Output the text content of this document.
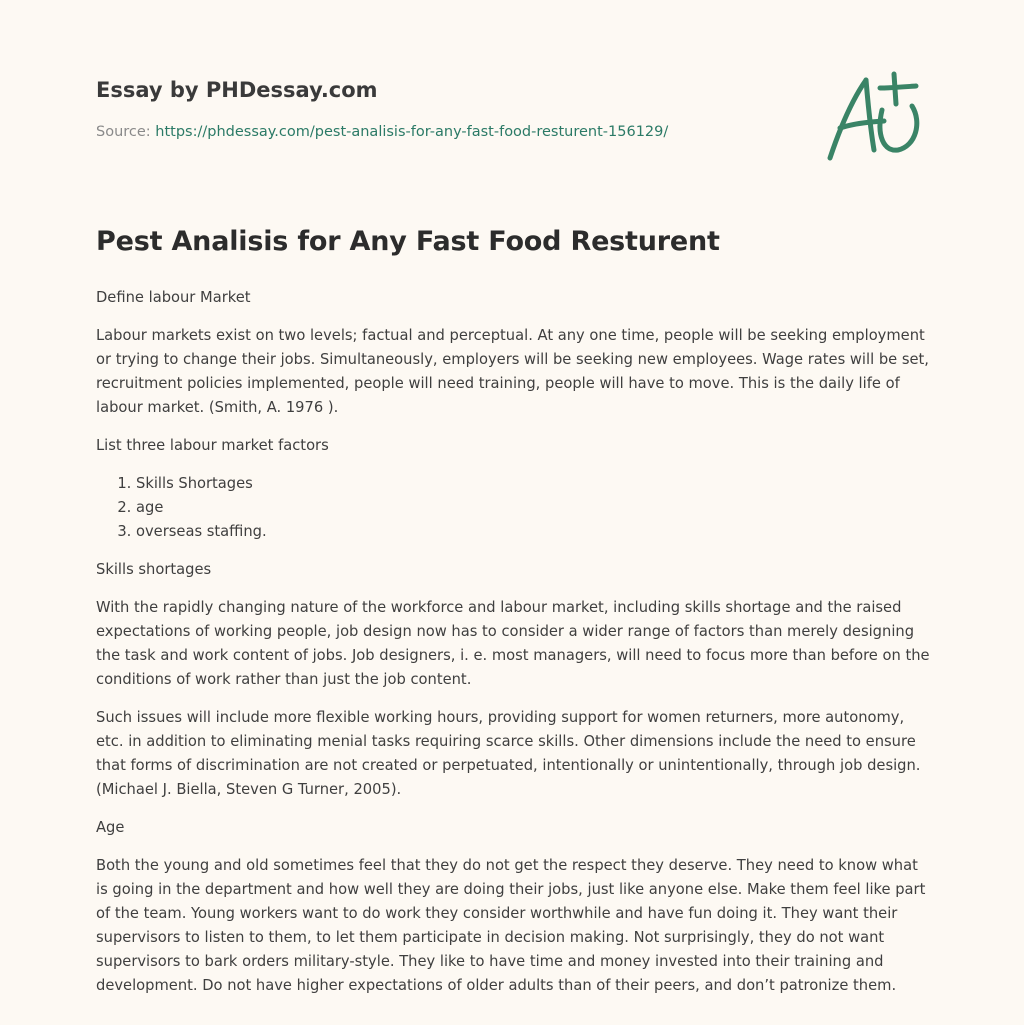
Essay by PHDessay.com
Source: https://phdessay.com/pest-analisis-for-any-fast-food-resturent-156129/
Pest Analisis for Any Fast Food Resturent

Define labour Market

Labour markets exist on two levels; factual and perceptual. At any one time, people will be seeking employment or trying to change their jobs. Simultaneously, employers will be seeking new employees. Wage rates will be set, recruitment policies implemented, people will need training, people will have to move. This is the daily life of labour market. (Smith, A. 1976 ).

List three labour market factors

1. Skills Shortages
2. age
3. overseas staffing.

Skills shortages

With the rapidly changing nature of the workforce and labour market, including skills shortage and the raised expectations of working people, job design now has to consider a wider range of factors than merely designing the task and work content of jobs. Job designers, i. e. most managers, will need to focus more than before on the conditions of work rather than just the job content.

Such issues will include more flexible working hours, providing support for women returners, more autonomy, etc. in addition to eliminating menial tasks requiring scarce skills. Other dimensions include the need to ensure that forms of discrimination are not created or perpetuated, intentionally or unintentionally, through job design. (Michael J. Biella, Steven G Turner, 2005).

Age

Both the young and old sometimes feel that they do not get the respect they deserve. They need to know what is going in the department and how well they are doing their jobs, just like anyone else. Make them feel like part of the team. Young workers want to do work they consider worthwhile and have fun doing it. They want their supervisors to listen to them, to let them participate in decision making. Not surprisingly, they do not want supervisors to bark orders military-style. They like to have time and money invested into their training and development. Do not have higher expectations of older adults than of their peers, and don’t patronize them.
